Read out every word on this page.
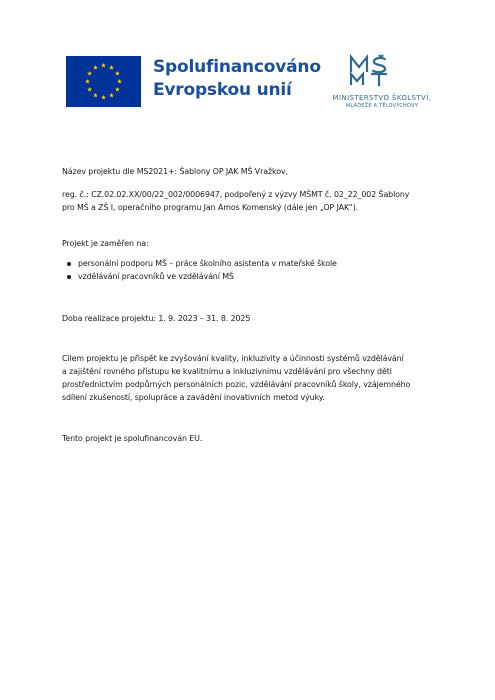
Spolufinancováno
Evropskou unií	MINISTERSTVO ŠKOLSTVÍ,
MLÁDEŽE A TĚLOVÝCHOVY
Název projektu dle MS2021+: Šablony OP JAK MŠ Vražkov,
reg. č.: CZ.02.02.XX/00/22_002/0006947, podpořený z výzvy MŠMT č. 02_22_002 Šablony
pro MŠ a ZŠ I, operačního programu Jan Amos Komenský (dále jen „OP JAK“).
Projekt je zaměřen na:
personální podporu MŠ – práce školního asistenta v mateřské škole
vzdělávání pracovníků ve vzdělávání MŠ
Doba realizace projektu: 1. 9. 2023 – 31. 8. 2025
Cílem projektu je přispět ke zvyšování kvality, inkluzivity a účinnosti systémů vzdělávání
a zajištění rovného přístupu ke kvalitnímu a inkluzivnímu vzdělávání pro všechny děti
prostřednictvím podpůrných personálních pozic, vzdělávání pracovníků školy, vzájemného
sdílení zkušeností, spolupráce a zavádění inovativních metod výuky.
Tento projekt je spolufinancován EU.
